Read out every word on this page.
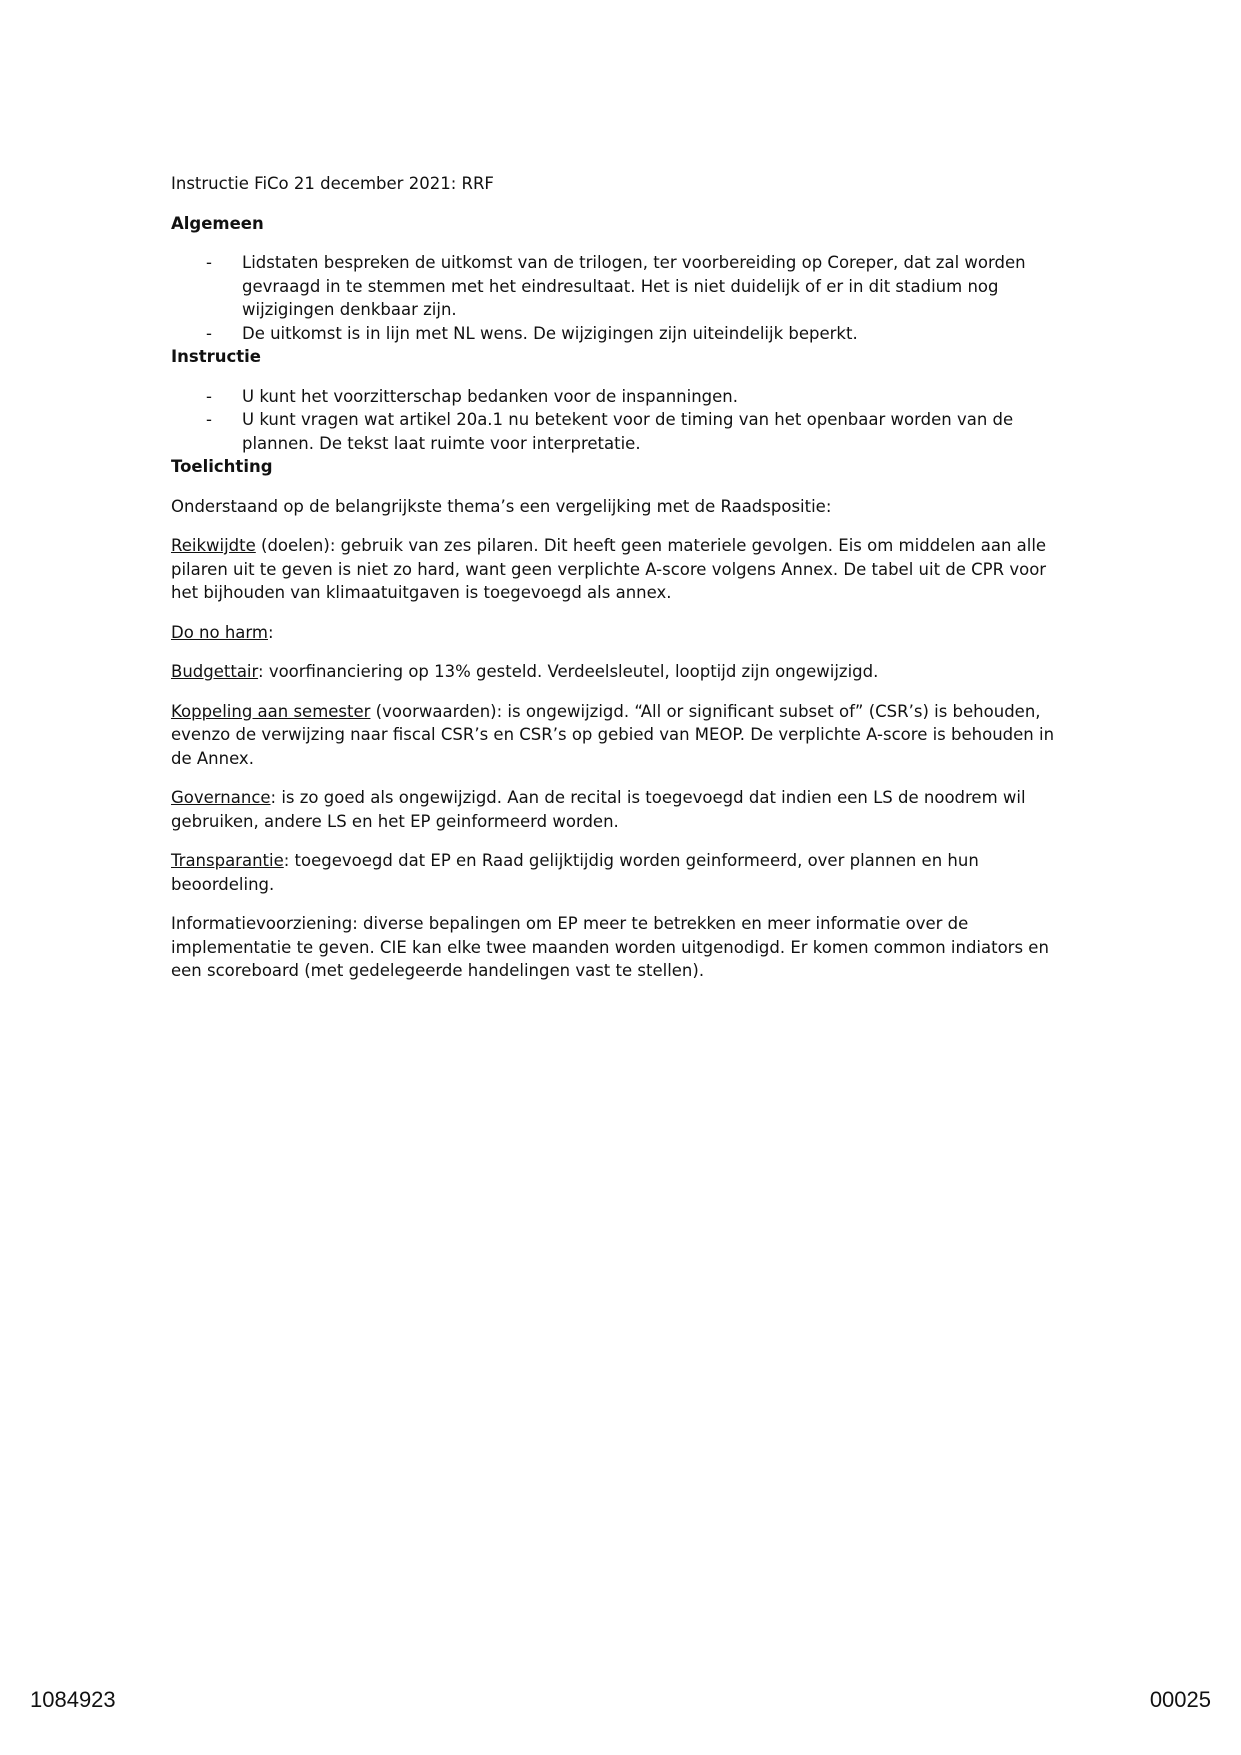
Instructie FiCo 21 december 2021: RRF

Algemeen

- Lidstaten bespreken de uitkomst van de trilogen, ter voorbereiding op Coreper, dat zal worden gevraagd in te stemmen met het eindresultaat. Het is niet duidelijk of er in dit stadium nog wijzigingen denkbaar zijn.
- De uitkomst is in lijn met NL wens. De wijzigingen zijn uiteindelijk beperkt.

Instructie

- U kunt het voorzitterschap bedanken voor de inspanningen.
- U kunt vragen wat artikel 20a.1 nu betekent voor de timing van het openbaar worden van de plannen. De tekst laat ruimte voor interpretatie.

Toelichting

Onderstaand op de belangrijkste thema’s een vergelijking met de Raadspositie:

Reikwijdte (doelen): gebruik van zes pilaren. Dit heeft geen materiele gevolgen. Eis om middelen aan alle pilaren uit te geven is niet zo hard, want geen verplichte A-score volgens Annex. De tabel uit de CPR voor het bijhouden van klimaatuitgaven is toegevoegd als annex.

Do no harm:

Budgettair: voorfinanciering op 13% gesteld. Verdeelsleutel, looptijd zijn ongewijzigd.

Koppeling aan semester (voorwaarden): is ongewijzigd. “All or significant subset of” (CSR’s) is behouden, evenzo de verwijzing naar fiscal CSR’s en CSR’s op gebied van MEOP. De verplichte A-score is behouden in de Annex.

Governance: is zo goed als ongewijzigd. Aan de recital is toegevoegd dat indien een LS de noodrem wil gebruiken, andere LS en het EP geinformeerd worden.

Transparantie: toegevoegd dat EP en Raad gelijktijdig worden geinformeerd, over plannen en hun beoordeling.

Informatievoorziening: diverse bepalingen om EP meer te betrekken en meer informatie over de implementatie te geven. CIE kan elke twee maanden worden uitgenodigd. Er komen common indiators en een scoreboard (met gedelegeerde handelingen vast te stellen).

1084923	00025
